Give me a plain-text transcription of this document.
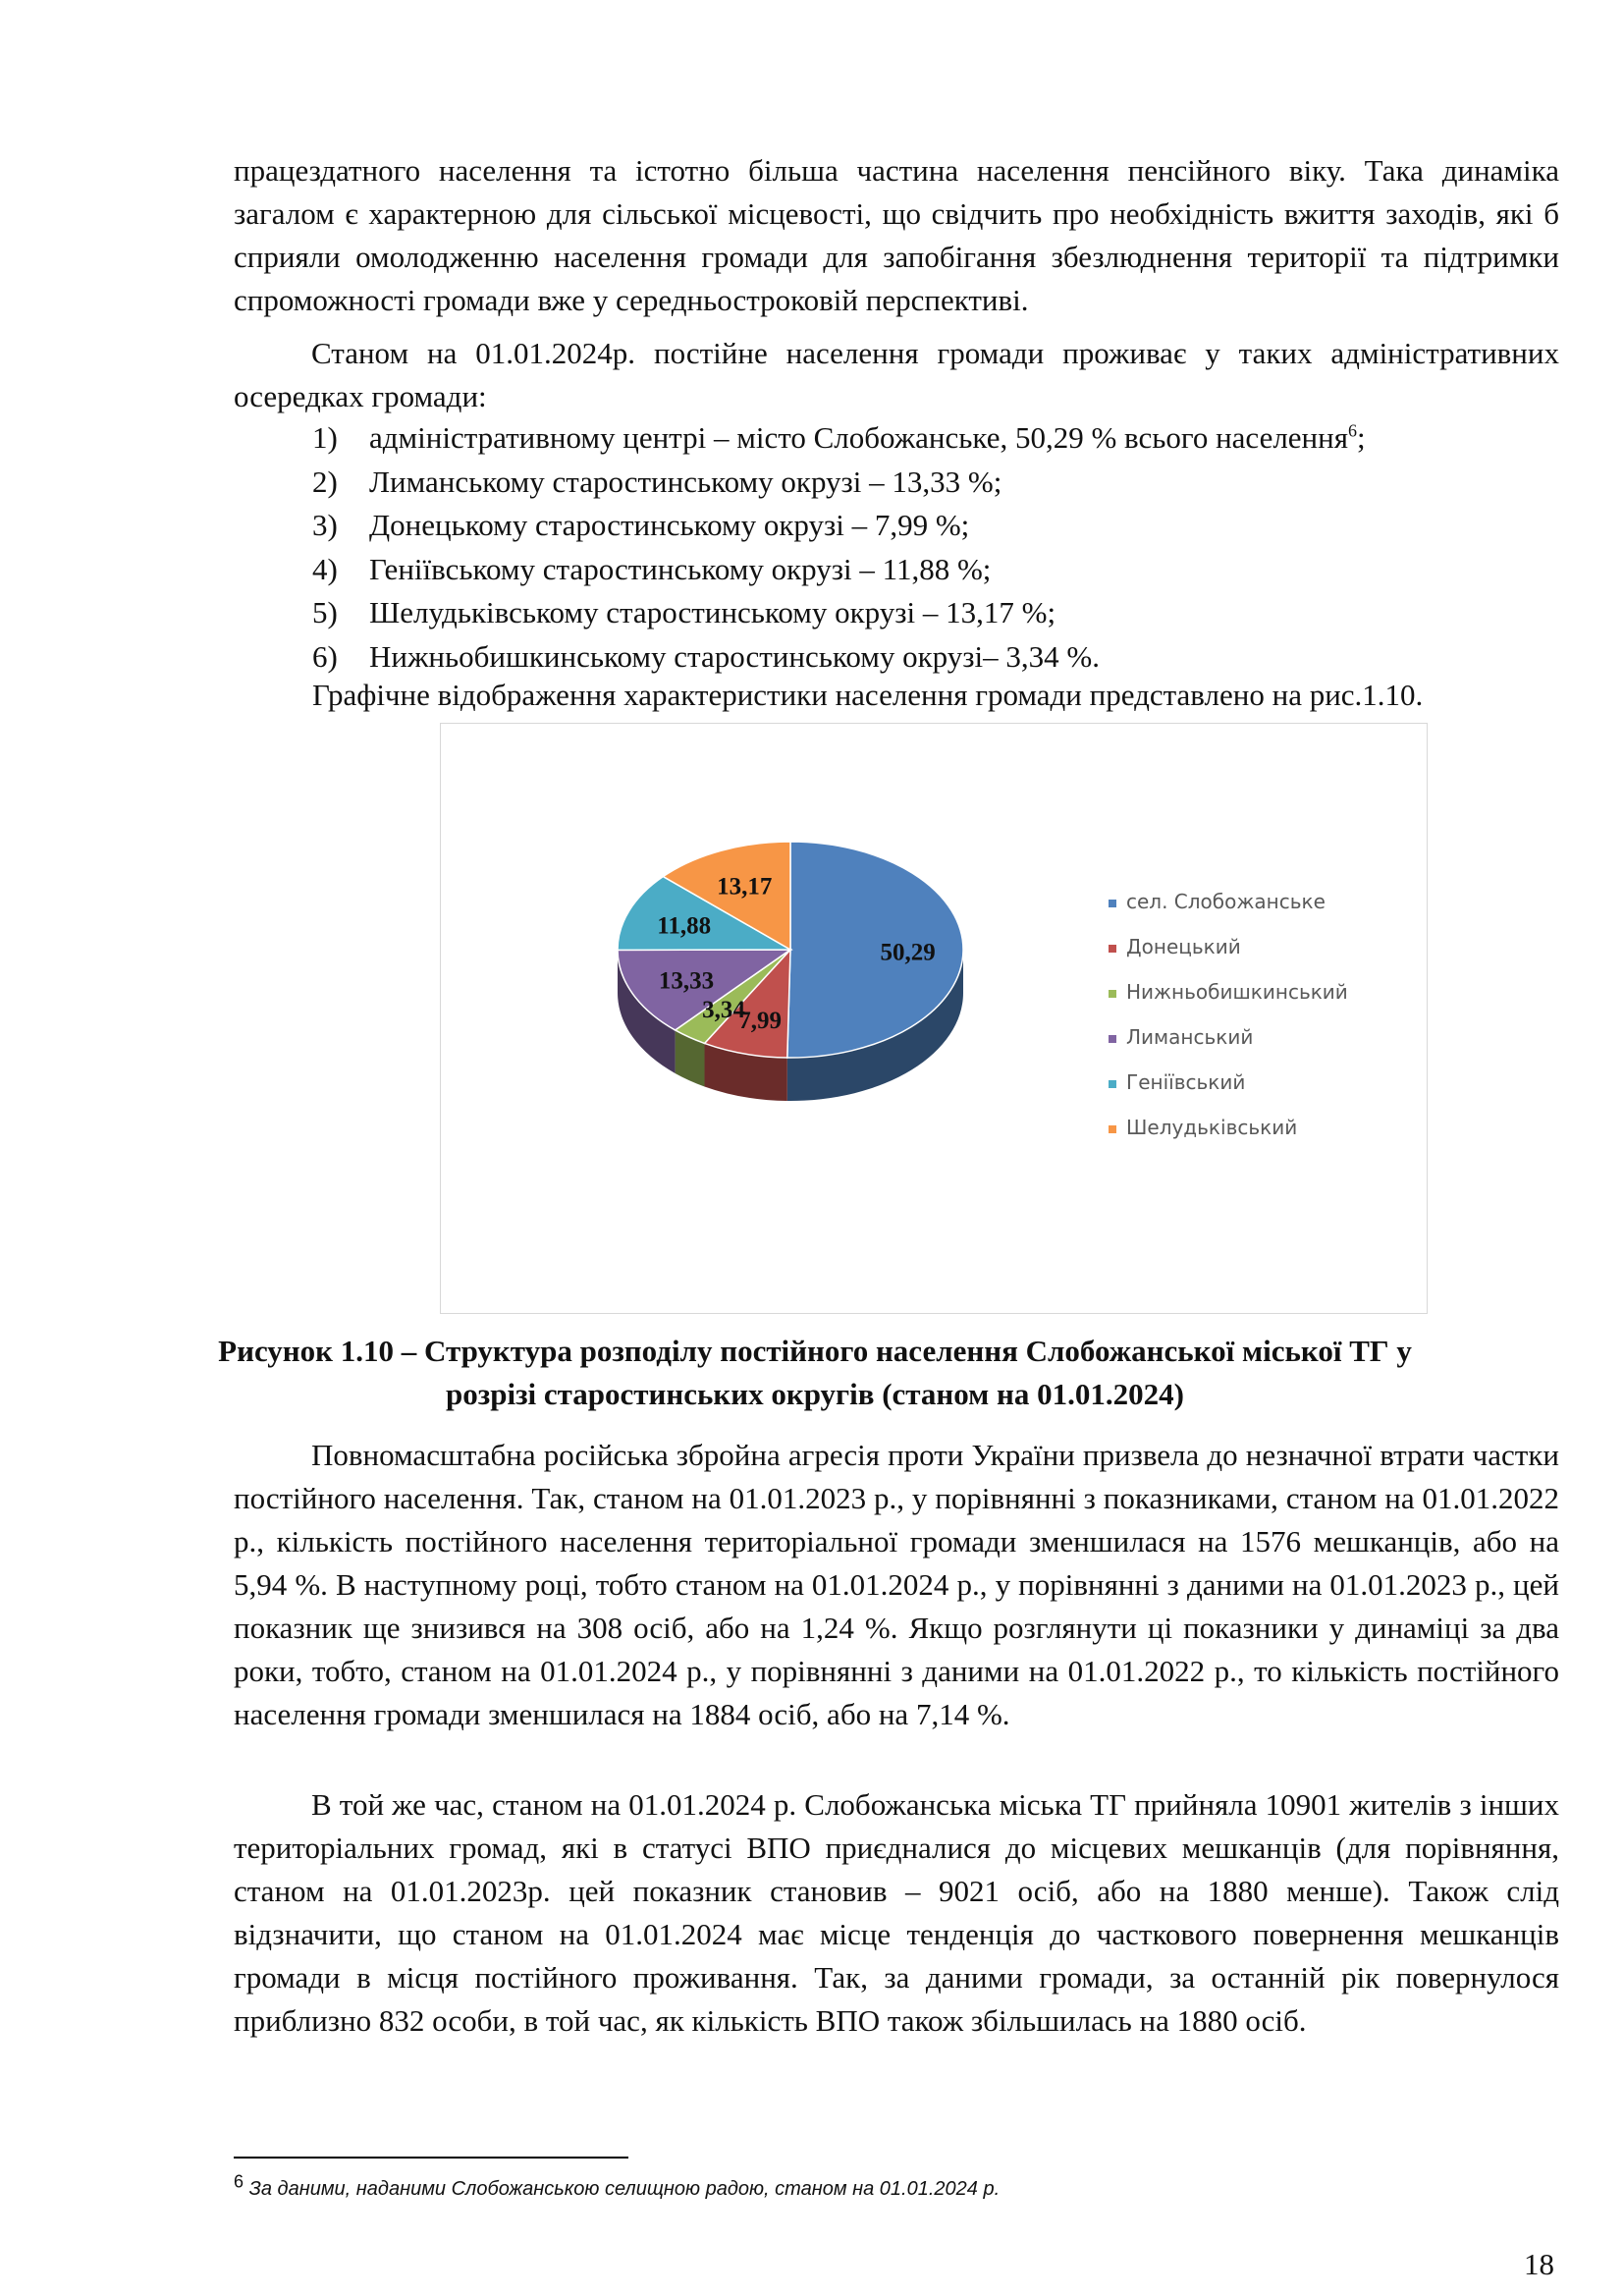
працездатного населення та істотно більша частина населення пенсійного віку. Така динаміка загалом є характерною для сільської місцевості, що свідчить про необхідність вжиття заходів, які б сприяли омолодженню населення громади для запобігання збезлюднення території та підтримки спроможності громади вже у середньостроковій перспективі.
Станом на 01.01.2024р. постійне населення громади проживає у таких адміністративних осередках громади:
1)	адміністративному центрі – місто Слобожанське, 50,29 % всього населення$^6$;
2)	Лиманському старостинському окрузі – 13,33 %;
3)	Донецькому старостинському окрузі – 7,99 %;
4)	Геніївському старостинському окрузі – 11,88 %;
5)	Шелудьківському старостинському окрузі – 13,17 %;
6)	Нижньобишкинському старостинському окрузі– 3,34 %.
Графічне відображення характеристики населення громади представлено на рис.1.10.
50,29
7,99
3,34
13,33
11,88
13,17
сел. Слобожанське
Донецький
Нижньобишкинський
Лиманський
Геніївський
Шелудьківський
Рисунок 1.10 – Структура розподілу постійного населення Слобожанської міської ТГ у
розрізі старостинських округів (станом на 01.01.2024)
Повномасштабна російська збройна агресія проти України призвела до незначної втрати частки постійного населення. Так, станом на 01.01.2023 р., у порівнянні з показниками, станом на 01.01.2022 р., кількість постійного населення територіальної громади зменшилася на 1576 мешканців, або на 5,94 %. В наступному році, тобто станом на 01.01.2024 р., у порівнянні з даними на 01.01.2023 р., цей показник ще знизився на 308 осіб, або на 1,24 %. Якщо розглянути ці показники у динаміці за два роки, тобто, станом на 01.01.2024 р., у порівнянні з даними на 01.01.2022 р., то кількість постійного населення громади зменшилася на 1884 осіб, або на 7,14 %.
В той же час, станом на 01.01.2024 р. Слобожанська міська ТГ прийняла 10901 жителів з інших територіальних громад, які в статусі ВПО приєдналися до місцевих мешканців (для порівняння, станом на 01.01.2023р. цей показник становив – 9021 осіб, або на 1880 менше). Також слід відзначити, що станом на 01.01.2024 має місце тенденція до часткового повернення мешканців громади в місця постійного проживання. Так, за даними громади, за останній рік повернулося приблизно 832 особи, в той час, як кількість ВПО також збільшилась на 1880 осіб.
$^6$ За даними, наданими Слобожанською селищною радою, станом на 01.01.2024 р.
18
